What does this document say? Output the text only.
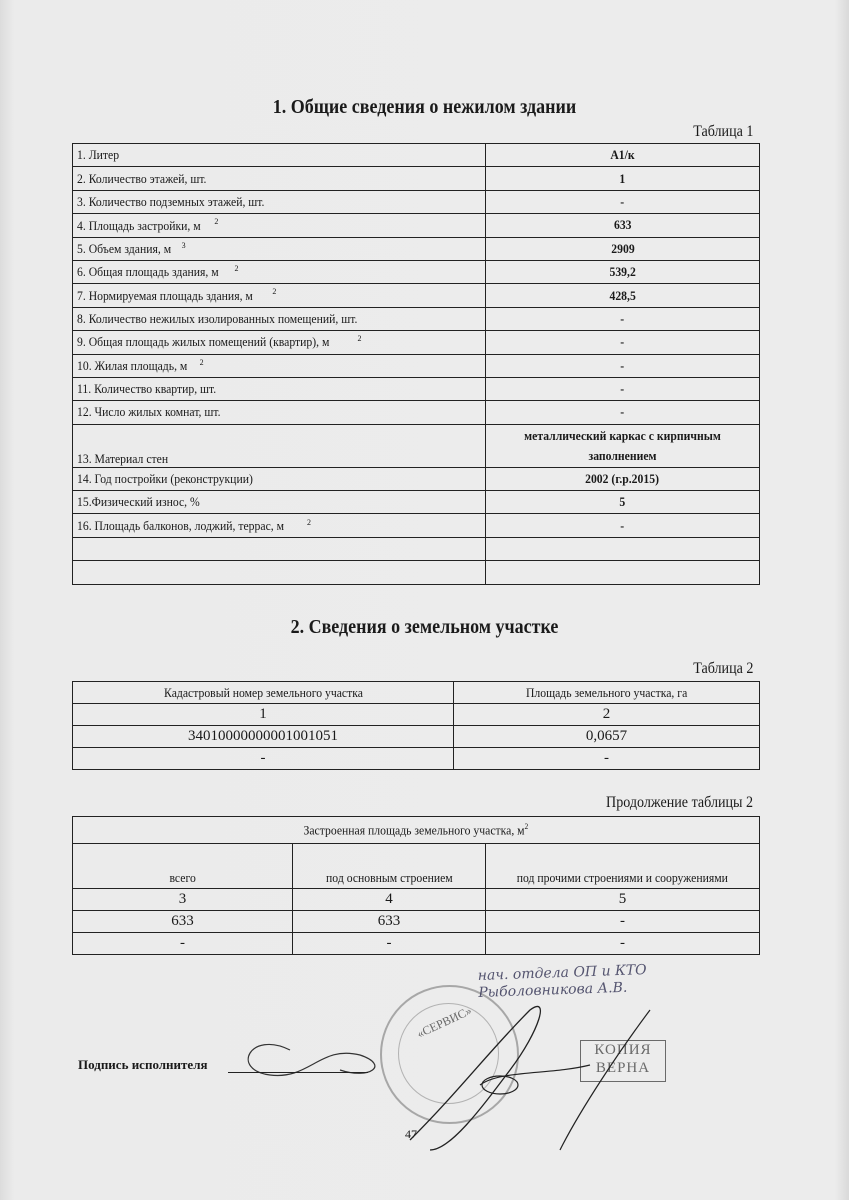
1. Общие сведения о нежилом здании
Таблица 1
1. Литер	А1/к
2. Количество этажей, шт.	1
3. Количество подземных этажей, шт.	-
4. Площадь застройки, м $^2$	633
5. Объем здания, м $^3$	2909
6. Общая площадь здания, м $^2$	539,2
7. Нормируемая площадь здания, м $^2$	428,5
8. Количество нежилых изолированных помещений, шт.	-
9. Общая площадь жилых помещений (квартир), м $^2$	-
10. Жилая площадь, м $^2$	-
11. Количество квартир, шт.	-
12. Число жилых комнат, шт.	-
13. Материал стен	металлический каркас с кирпичным заполнением
14. Год постройки (реконструкции)	2002 (г.р.2015)
15.Физический износ, %	5
16. Площадь балконов, лоджий, террас, м $^2$	-

2. Сведения о земельном участке
Таблица 2
Кадастровый номер земельного участка	Площадь земельного участка, га
1	2
34010000000001001051	0,0657
-	-
Продолжение таблицы 2
Застроенная площадь земельного участка, $м^2$
всего	под основным строением	под прочими строениями и сооружениями
3	4	5
633	633	-
-	-	-
«СЕРВИС»
нач. отдела ОП и КТО
Рыболовникова А.В.
КОПИЯ
ВЕРНА
Подпись исполнителя
47
